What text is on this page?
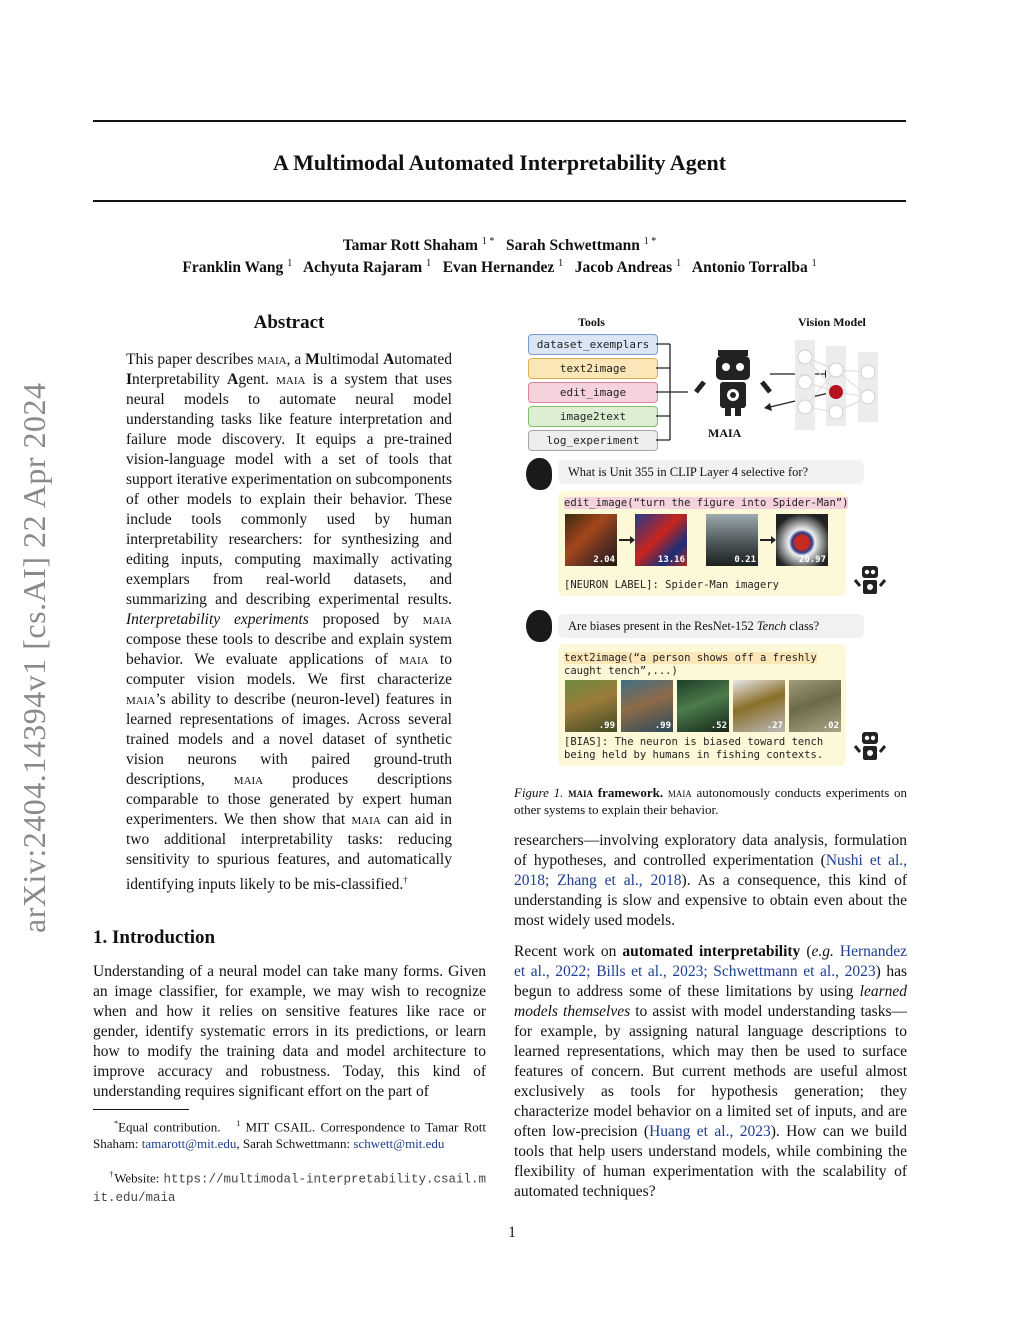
A Multimodal Automated Interpretability Agent
Tamar Rott Shaham $^{1 *}$ Sarah Schwettmann $^{1 *}$
Franklin Wang $^1$ Achyuta Rajaram $^1$ Evan Hernandez $^1$ Jacob Andreas $^1$ Antonio Torralba $^1$
arXiv:2404.14394v1 [cs.AI] 22 Apr 2024
Abstract
This paper describes maia, a Multimodal Automated Interpretability Agent. maia is a system that uses neural models to automate neural model understanding tasks like feature interpretation and failure mode discovery. It equips a pre-trained vision-language model with a set of tools that support iterative experimentation on subcomponents of other models to explain their behavior. These include tools commonly used by human interpretability researchers: for synthesizing and editing inputs, computing maximally activating exemplars from real-world datasets, and summarizing and describing experimental results. Interpretability experiments proposed by maia compose these tools to describe and explain system behavior. We evaluate applications of maia to computer vision models. We first characterize maia’s ability to describe (neuron-level) features in learned representations of images. Across several trained models and a novel dataset of synthetic vision neurons with paired ground-truth descriptions, maia produces descriptions comparable to those generated by expert human experimenters. We then show that maia can aid in two additional interpretability tasks: reducing sensitivity to spurious features, and automatically identifying inputs likely to be mis-classified.†
1. Introduction
Understanding of a neural model can take many forms. Given an image classifier, for example, we may wish to recognize when and how it relies on sensitive features like race or gender, identify systematic errors in its predictions, or learn how to modify the training data and model architecture to improve accuracy and robustness. Today, this kind of understanding requires significant effort on the part of
*Equal contribution. $^1$ MIT CSAIL. Correspondence to Tamar Rott Shaham: tamarott@mit.edu, Sarah Schwettmann: schwett@mit.edu
†Website: https://multimodal-interpretability.csail.mit.edu/maia
Tools	Vision Model
dataset_exemplars
text2image
edit_image
image2text
log_experiment
MAIA
What is Unit 355 in CLIP Layer 4 selective for?
edit_image(“turn the figure into Spider-Man”)
2.04	13.16	0.21	20.97
[NEURON LABEL]: Spider-Man imagery
Are biases present in the ResNet-152 Tench class?
text2image(“a person shows off a freshly
caught tench”,...)
.99	.99	.52	.27	.02
[BIAS]: The neuron is biased toward tench
being held by humans in fishing contexts.
Figure 1. maia framework. maia autonomously conducts experiments on other systems to explain their behavior.
researchers—involving exploratory data analysis, formulation of hypotheses, and controlled experimentation (Nushi et al., 2018; Zhang et al., 2018). As a consequence, this kind of understanding is slow and expensive to obtain even about the most widely used models.
Recent work on automated interpretability (e.g. Hernandez et al., 2022; Bills et al., 2023; Schwettmann et al., 2023) has begun to address some of these limitations by using learned models themselves to assist with model understanding tasks—for example, by assigning natural language descriptions to learned representations, which may then be used to surface features of concern. But current methods are useful almost exclusively as tools for hypothesis generation; they characterize model behavior on a limited set of inputs, and are often low-precision (Huang et al., 2023). How can we build tools that help users understand models, while combining the flexibility of human experimentation with the scalability of automated techniques?
1
